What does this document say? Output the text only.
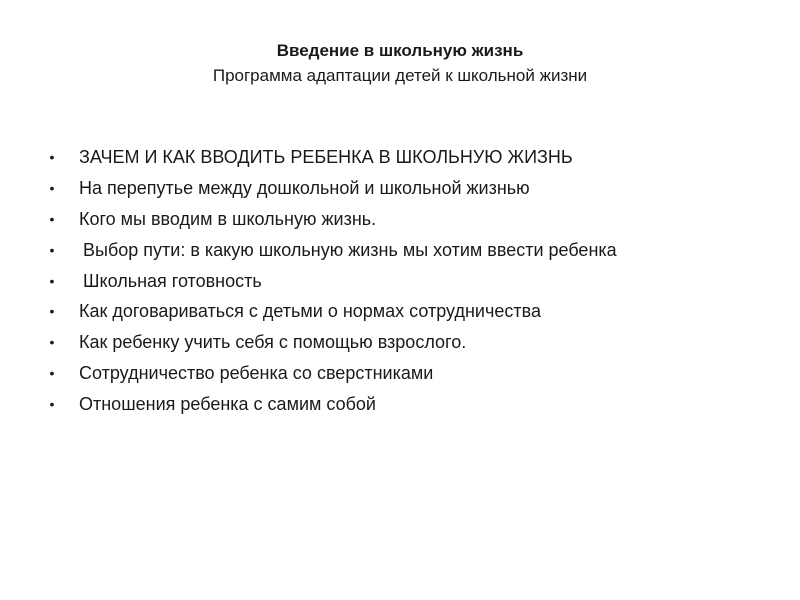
Введение в школьную жизнь
Программа адаптации детей к школьной жизни
•	ЗАЧЕМ И КАК ВВОДИТЬ РЕБЕНКА В ШКОЛЬНУЮ ЖИЗНЬ
•	На перепутье между дошкольной и школьной жизнью
•	Кого мы вводим в школьную жизнь.
•	Выбор пути: в какую школьную жизнь мы хотим ввести ребенка
•	Школьная готовность
•	Как договариваться с детьми о нормах сотрудничества
•	Как ребенку учить себя с помощью взрослого.
•	Сотрудничество ребенка со сверстниками
•	Отношения ребенка с самим собой
